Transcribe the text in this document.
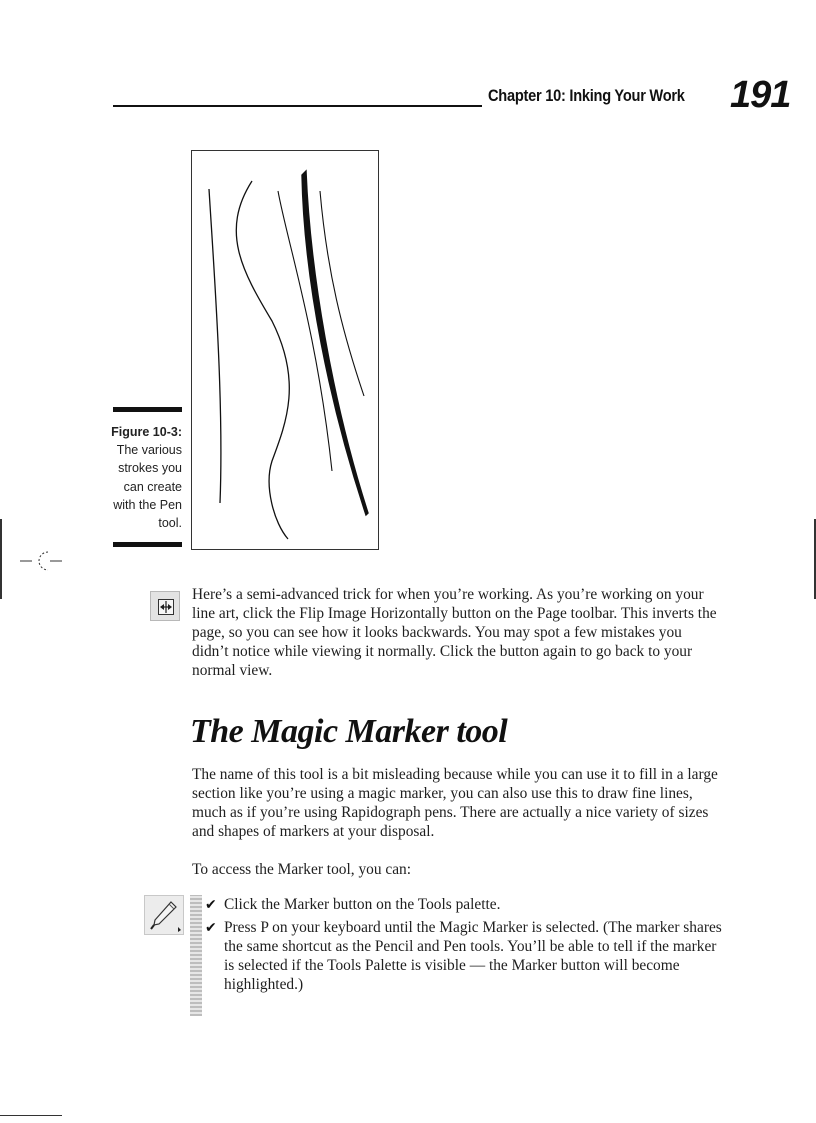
Chapter 10: Inking Your Work 191
Figure 10-3:
The various strokes you can create with the Pen tool.
Here’s a semi-advanced trick for when you’re working. As you’re working on your line art, click the Flip Image Horizontally button on the Page toolbar. This inverts the page, so you can see how it looks backwards. You may spot a few mistakes you didn’t notice while viewing it normally. Click the button again to go back to your normal view.
The Magic Marker tool
The name of this tool is a bit misleading because while you can use it to fill in a large section like you’re using a magic marker, you can also use this to draw fine lines, much as if you’re using Rapidograph pens. There are actually a nice variety of sizes and shapes of markers at your disposal.
To access the Marker tool, you can:
✔ Click the Marker button on the Tools palette.
✔ Press P on your keyboard until the Magic Marker is selected. (The marker shares the same shortcut as the Pencil and Pen tools. You’ll be able to tell if the marker is selected if the Tools Palette is visible — the Marker button will become highlighted.)
